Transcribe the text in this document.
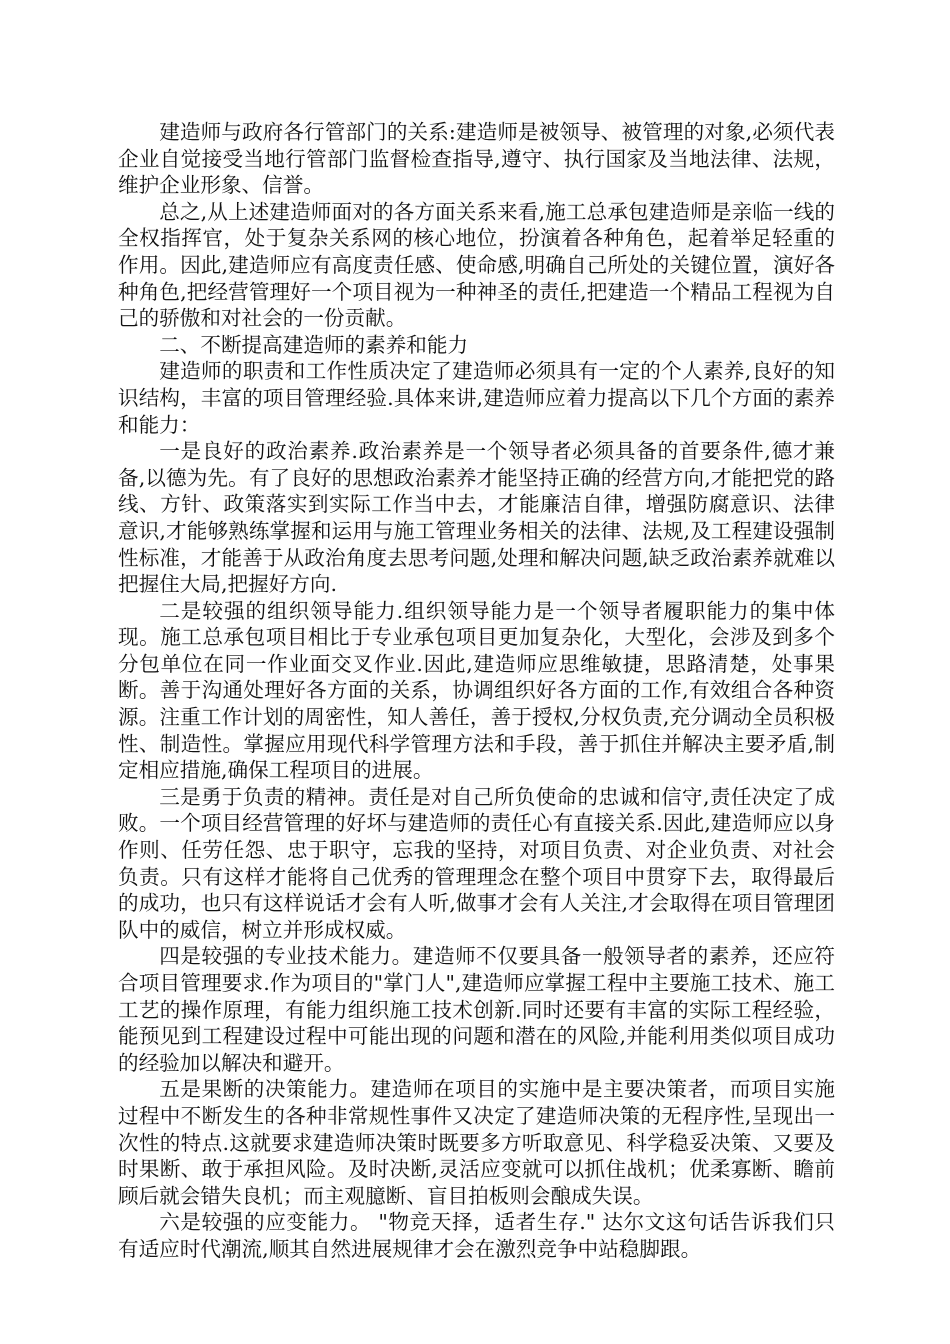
建造师与政府各行管部门的关系:建造师是被领导、被管理的对象,必须代表企业自觉接受当地行管部门监督检查指导,遵守、执行国家及当地法律、法规，维护企业形象、信誉。

总之,从上述建造师面对的各方面关系来看,施工总承包建造师是亲临一线的全权指挥官，处于复杂关系网的核心地位，扮演着各种角色，起着举足轻重的作用。因此,建造师应有高度责任感、使命感,明确自己所处的关键位置，演好各种角色,把经营管理好一个项目视为一种神圣的责任,把建造一个精品工程视为自己的骄傲和对社会的一份贡献。

二、不断提高建造师的素养和能力

建造师的职责和工作性质决定了建造师必须具有一定的个人素养,良好的知识结构，丰富的项目管理经验.具体来讲,建造师应着力提高以下几个方面的素养和能力：

一是良好的政治素养.政治素养是一个领导者必须具备的首要条件,德才兼备,以德为先。有了良好的思想政治素养才能坚持正确的经营方向,才能把党的路线、方针、政策落实到实际工作当中去，才能廉洁自律，增强防腐意识、法律意识,才能够熟练掌握和运用与施工管理业务相关的法律、法规,及工程建设强制性标准，才能善于从政治角度去思考问题,处理和解决问题,缺乏政治素养就难以把握住大局,把握好方向.

二是较强的组织领导能力.组织领导能力是一个领导者履职能力的集中体现。施工总承包项目相比于专业承包项目更加复杂化，大型化，会涉及到多个分包单位在同一作业面交叉作业.因此,建造师应思维敏捷，思路清楚，处事果断。善于沟通处理好各方面的关系，协调组织好各方面的工作,有效组合各种资源。注重工作计划的周密性，知人善任，善于授权,分权负责,充分调动全员积极性、制造性。掌握应用现代科学管理方法和手段，善于抓住并解决主要矛盾,制定相应措施,确保工程项目的进展。

三是勇于负责的精神。责任是对自己所负使命的忠诚和信守,责任决定了成败。一个项目经营管理的好坏与建造师的责任心有直接关系.因此,建造师应以身作则、任劳任怨、忠于职守，忘我的坚持，对项目负责、对企业负责、对社会负责。只有这样才能将自己优秀的管理理念在整个项目中贯穿下去，取得最后的成功，也只有这样说话才会有人听,做事才会有人关注,才会取得在项目管理团队中的威信，树立并形成权威。

四是较强的专业技术能力。建造师不仅要具备一般领导者的素养，还应符合项目管理要求.作为项目的"掌门人",建造师应掌握工程中主要施工技术、施工工艺的操作原理，有能力组织施工技术创新.同时还要有丰富的实际工程经验，能预见到工程建设过程中可能出现的问题和潜在的风险,并能利用类似项目成功的经验加以解决和避开。

五是果断的决策能力。建造师在项目的实施中是主要决策者，而项目实施过程中不断发生的各种非常规性事件又决定了建造师决策的无程序性,呈现出一次性的特点.这就要求建造师决策时既要多方听取意见、科学稳妥决策、又要及时果断、敢于承担风险。及时决断,灵活应变就可以抓住战机；优柔寡断、瞻前顾后就会错失良机；而主观臆断、盲目拍板则会酿成失误。

六是较强的应变能力。 "物竞天择，适者生存." 达尔文这句话告诉我们只有适应时代潮流,顺其自然进展规律才会在激烈竞争中站稳脚跟。
